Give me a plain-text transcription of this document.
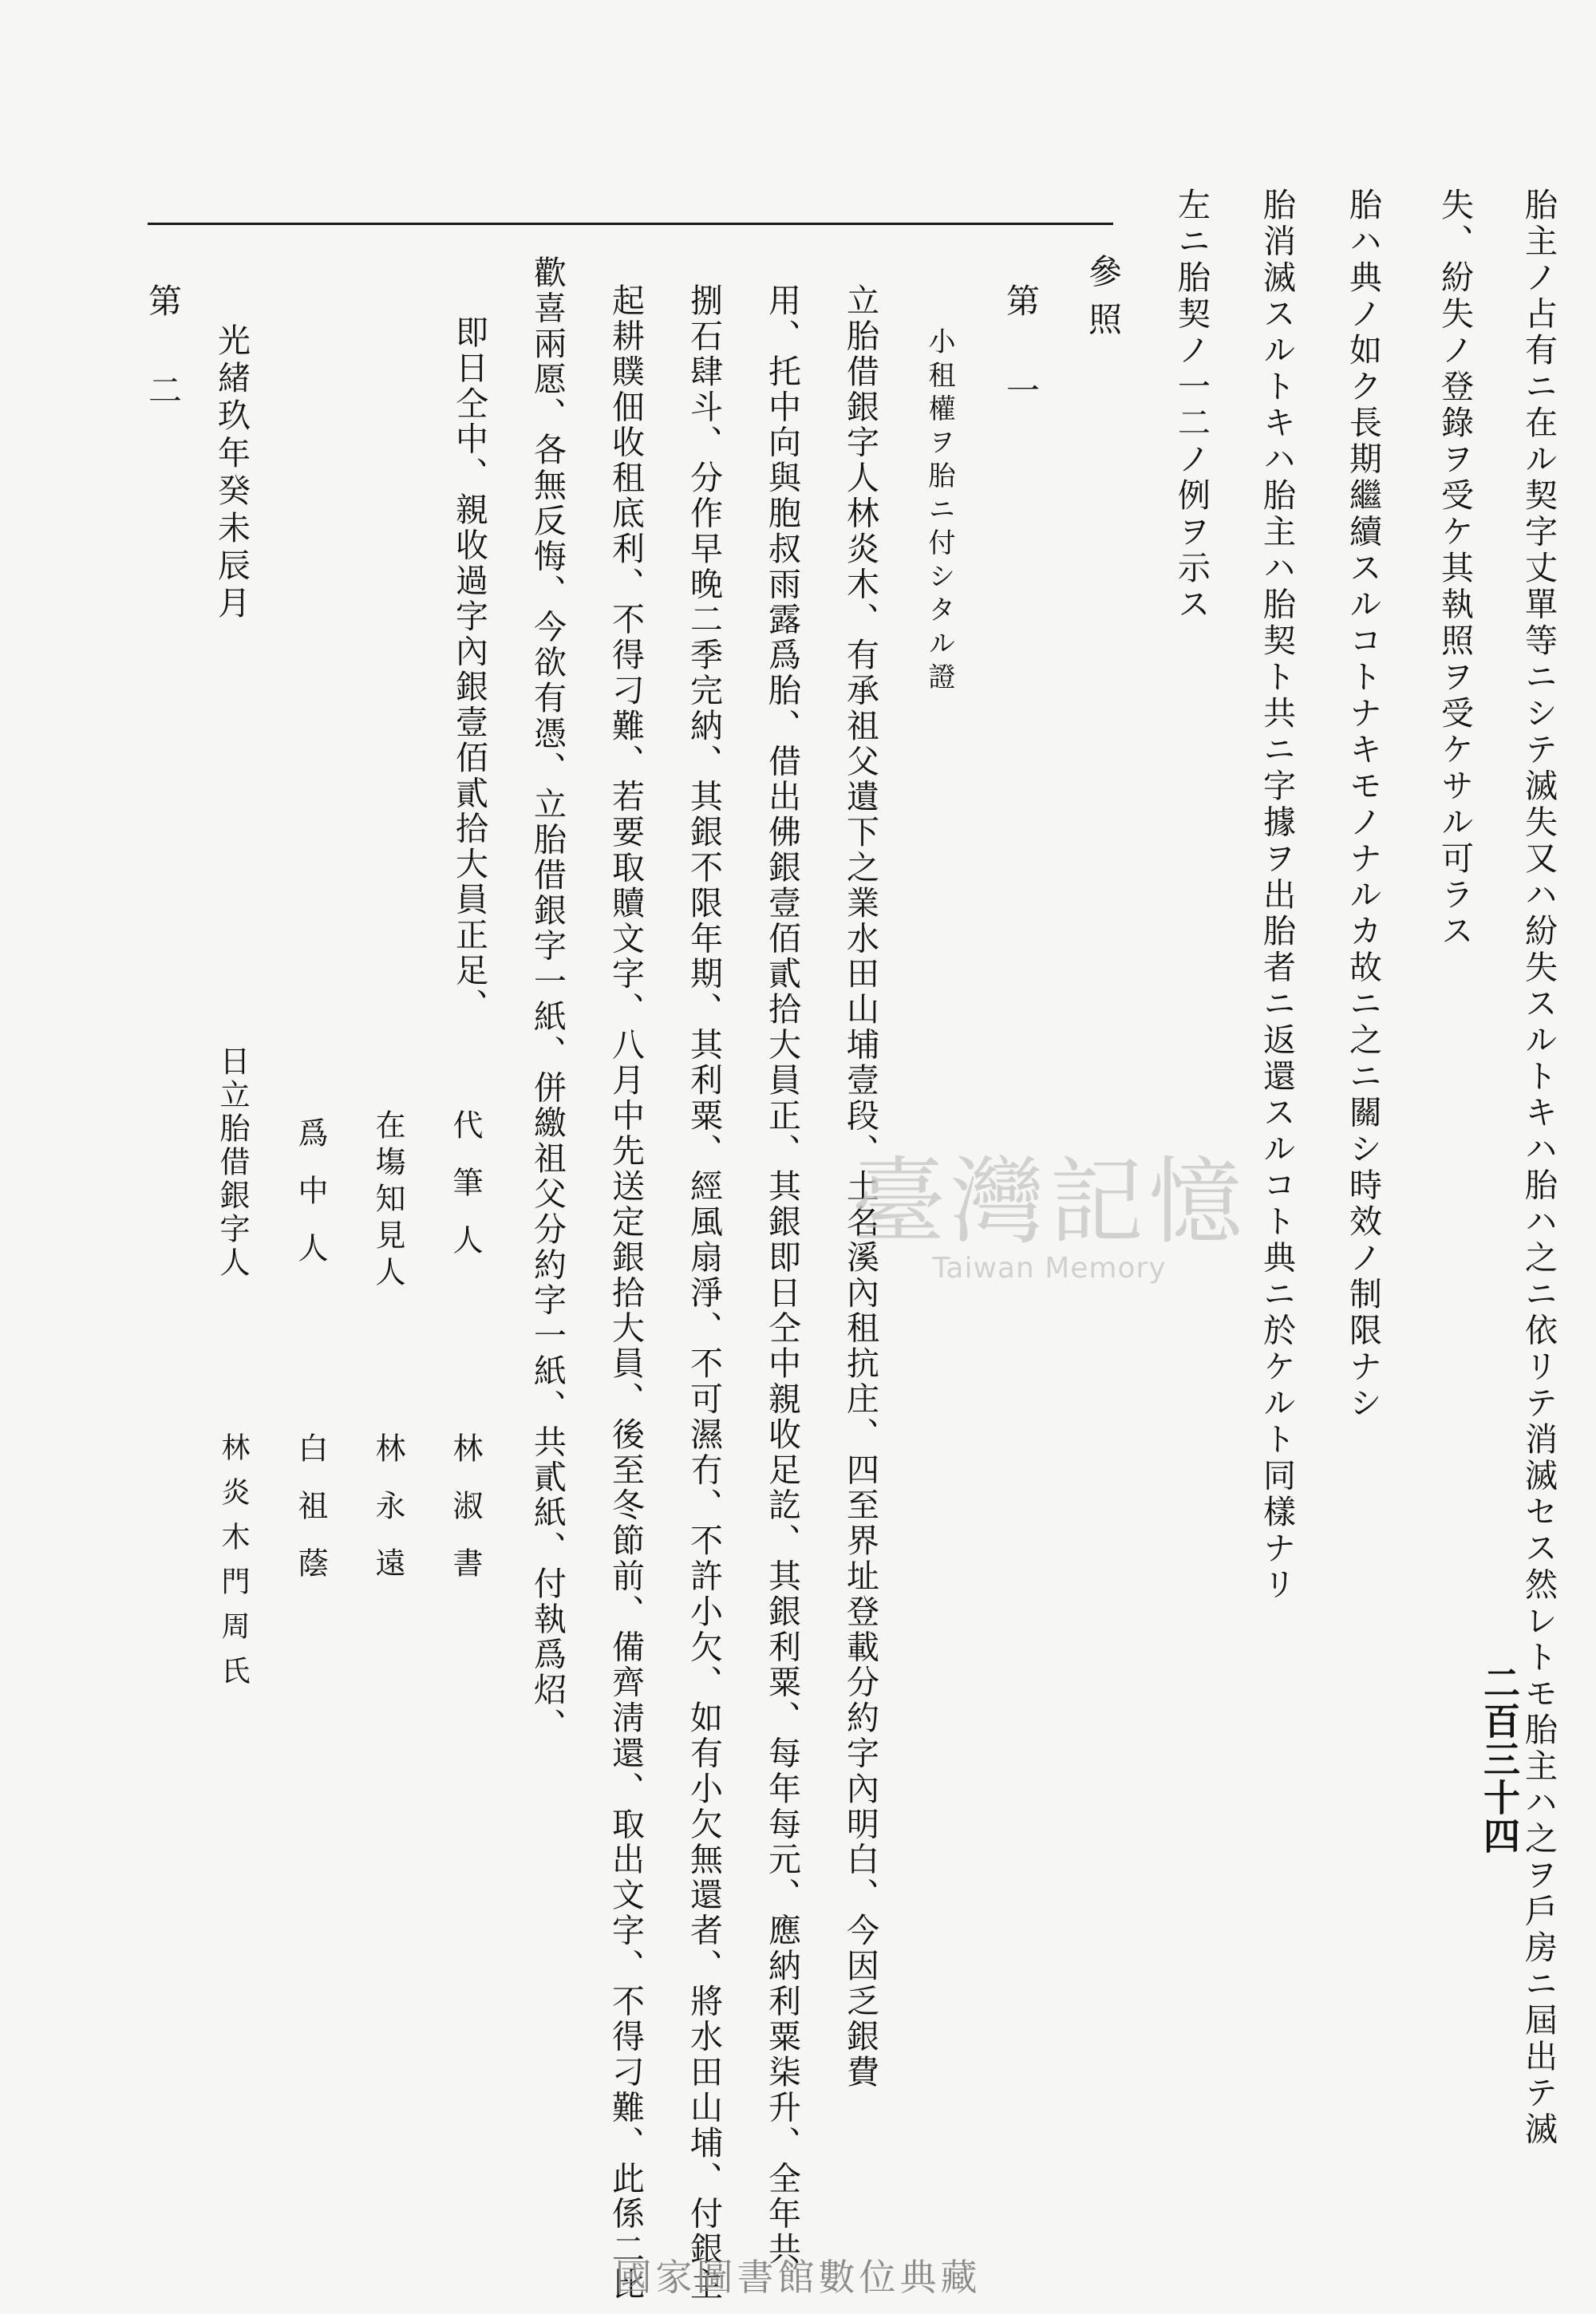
二百三十四
胎主ノ占有ニ在ル契字丈單等ニシテ滅失又ハ紛失スルトキハ胎ハ之ニ依リテ消滅セス然レトモ胎主ハ之ヲ戶房ニ屆出テ滅
失、紛失ノ登錄ヲ受ケ其執照ヲ受ケサル可ラス
胎ハ典ノ如ク長期繼續スルコトナキモノナルカ故ニ之ニ關シ時效ノ制限ナシ
胎消滅スルトキハ胎主ハ胎契ト共ニ字據ヲ出胎者ニ返還スルコト典ニ於ケルト同樣ナリ
左ニ胎契ノ一二ノ例ヲ示ス
參照
第一
小租權ヲ胎ニ付シタル證
立胎借銀字人林炎木、有承祖父遺下之業水田山埔壹段、土名溪內租抗庄、四至界址登載分約字內明白、今因乏銀費
用、托中向與胞叔雨露爲胎、借出佛銀壹佰貳拾大員正、其銀即日仝中親收足訖、其銀利粟、每年每元、應納利粟柒升、全年共
捌石肆斗、分作早晚二季完納、其銀不限年期、其利粟、經風扇淨、不可濕冇、不許小欠、如有小欠無還者、將水田山埔、付銀主
起耕贌佃收租底利、不得刁難、若要取贖文字、八月中先送定銀拾大員、後至冬節前、備齊淸還、取出文字、不得刁難、此係二比
歡喜兩愿、各無反悔、今欲有憑、立胎借銀字一紙、併繳祖父分約字一紙、共貳紙、付執爲炤、
即日仝中、親收過字內銀壹佰貳拾大員正足、
代筆人
林淑書
在塲知見人
林永遠
爲中人
白祖蔭
日立胎借銀字人
林炎木門周氏
光緒玖年癸未辰月
第二
臺灣記憶
Taiwan Memory
國家圖書館數位典藏
